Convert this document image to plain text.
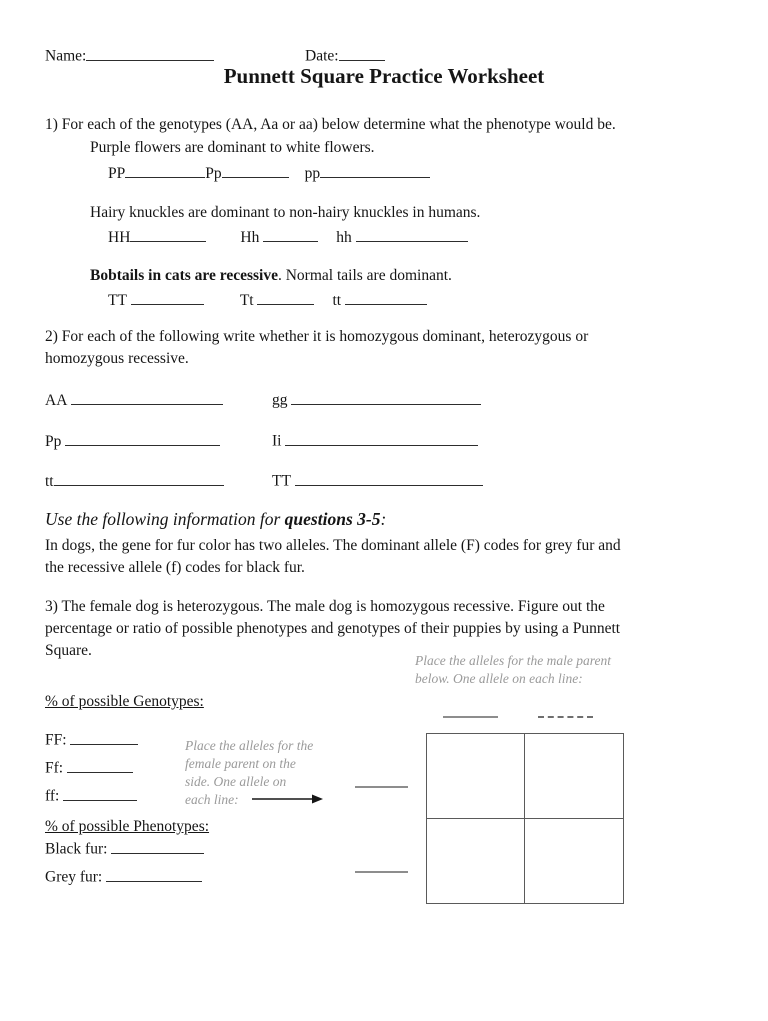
Name:	Date:
Punnett Square Practice Worksheet
1) For each of the genotypes (AA, Aa or aa) below determine what the phenotype would be.
Purple flowers are dominant to white flowers.
PP	Pp	pp
Hairy knuckles are dominant to non-hairy knuckles in humans.
HH	Hh	hh
Bobtails in cats are recessive. Normal tails are dominant.
TT	Tt	tt
2) For each of the following write whether it is homozygous dominant, heterozygous or
homozygous recessive.
AA	gg
Pp	Ii
tt	TT
Use the following information for questions 3-5:
In dogs, the gene for fur color has two alleles. The dominant allele (F) codes for grey fur and
the recessive allele (f) codes for black fur.
3) The female dog is heterozygous. The male dog is homozygous recessive. Figure out the
percentage or ratio of possible phenotypes and genotypes of their puppies by using a Punnett
Square.
Place the alleles for the male parent
below. One allele on each line:
% of possible Genotypes:
FF:
Ff:
ff:
Place the alleles for the
female parent on the
side. One allele on
each line:
% of possible Phenotypes:
Black fur:
Grey fur:
